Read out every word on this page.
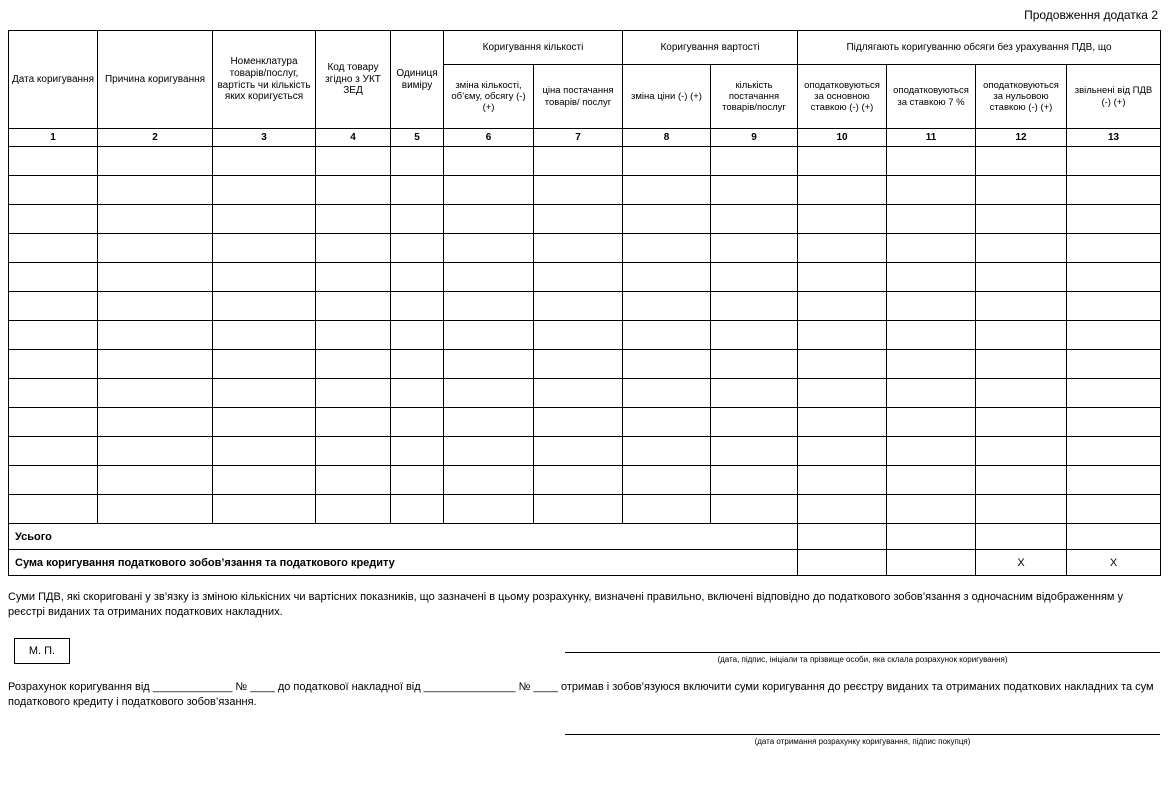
Продовження додатка 2
Дата коригування	Причина коригування	Номенклатура товарів/послуг, вартість чи кількість яких коригується	Код товару згідно з УКТ ЗЕД	Одиниця виміру	Коригування кількості		Коригування вартості		Підлягають коригуванню обсяги без урахування ПДВ, що			
					зміна кількості, об’єму, обсягу (-) (+)	ціна постачання товарів/ послуг	зміна ціни (-) (+)	кількість постачання товарів/послуг	оподатковуються за основною ставкою (-) (+)	оподатковуються за ставкою 7 %	оподатковуються за нульовою ставкою (-) (+)	звільнені від ПДВ (-) (+)
1	2	3	4	5	6	7	8	9	10	11	12	13

Усього												
Сума коригування податкового зобов’язання та податкового кредиту											Х	Х

Суми ПДВ, які скориговані у зв’язку із зміною кількісних чи вартісних показників, що зазначені в цьому розрахунку, визначені правильно, включені відповідно до податкового зобов’язання з одночасним відображенням у реєстрі виданих та отриманих податкових накладних.

М. П.
(дата, підпис, ініціали та прізвище особи, яка склала розрахунок коригування)

Розрахунок коригування від _____________ № ____ до податкової накладної від _______________ № ____ отримав і зобов’язуюся включити суми коригування до реєстру виданих та отриманих податкових накладних та сум податкового кредиту і податкового зобов’язання.

(дата отримання розрахунку коригування, підпис покупця)
